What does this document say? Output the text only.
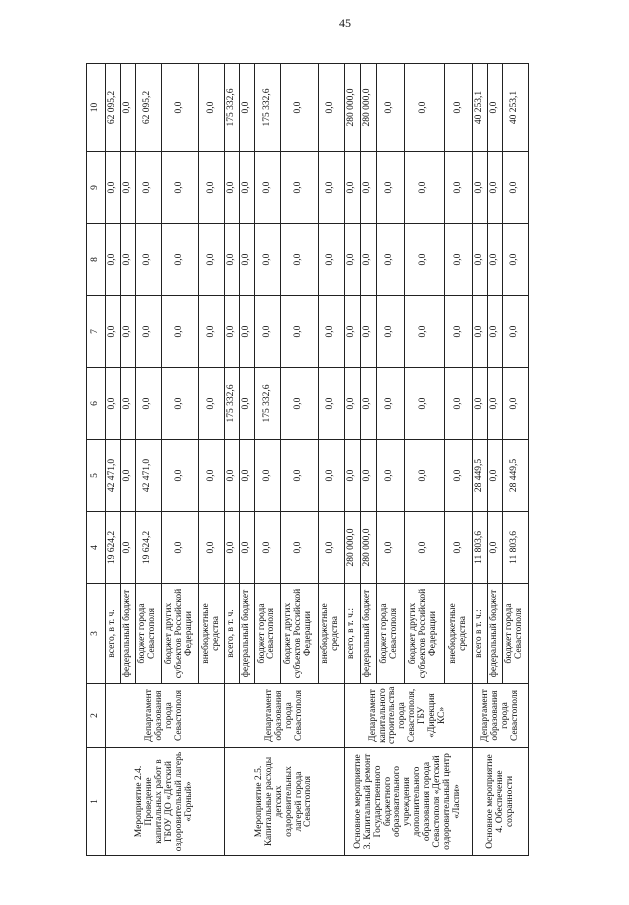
45
1	2	3	4	5	6	7	8	9	10
Мероприятие 2.4. Проведение капитальных работ в ГБОУ ДО «Детский оздоровительный лагерь «Горный»	Департамент образования города Севастополя	всего, в т. ч.	19 624,2	42 471,0	0,0	0,0	0,0	0,0	62 095,2
		федеральный бюджет	0,0	0,0	0,0	0,0	0,0	0,0	0,0
		бюджет города Севастополя	19 624,2	42 471,0	0,0	0,0	0,0	0,0	62 095,2
		бюджет других субъектов Российской Федерации	0,0	0,0	0,0	0,0	0,0	0,0	0,0
		внебюджетные средства	0,0	0,0	0,0	0,0	0,0	0,0	0,0
Мероприятие 2.5. Капитальные расходы детских оздоровительных лагерей города Севастополя	Департамент образования города Севастополя	всего, в т. ч.	0,0	0,0	175 332,6	0,0	0,0	0,0	175 332,6
		федеральный бюджет	0,0	0,0	0,0	0,0	0,0	0,0	0,0
		бюджет города Севастополя	0,0	0,0	175 332,6	0,0	0,0	0,0	175 332,6
		бюджет других субъектов Российской Федерации	0,0	0,0	0,0	0,0	0,0	0,0	0,0
		внебюджетные средства	0,0	0,0	0,0	0,0	0,0	0,0	0,0
Основное мероприятие 3. Капитальный ремонт Государственного бюджетного образовательного учреждения дополнительного образования города Севастополя «Детский оздоровительный центр «Ласпи»	Департамент капитального строительства города Севастополя, ГБУ «Дирекция КС»	всего, в т. ч.:	280 000,0	0,0	0,0	0,0	0,0	0,0	280 000,0
		федеральный бюджет	280 000,0	0,0	0,0	0,0	0,0	0,0	280 000,0
		бюджет города Севастополя	0,0	0,0	0,0	0,0	0,0	0,0	0,0
		бюджет других субъектов Российской Федерации	0,0	0,0	0,0	0,0	0,0	0,0	0,0
		внебюджетные средства	0,0	0,0	0,0	0,0	0,0	0,0	0,0
Основное мероприятие 4. Обеспечение сохранности	Департамент образования города Севастополя	всего в т. ч.:	11 803,6	28 449,5	0,0	0,0	0,0	0,0	40 253,1
		федеральный бюджет	0,0	0,0	0,0	0,0	0,0	0,0	0,0
		бюджет города Севастополя	11 803,6	28 449,5	0,0	0,0	0,0	0,0	40 253,1
